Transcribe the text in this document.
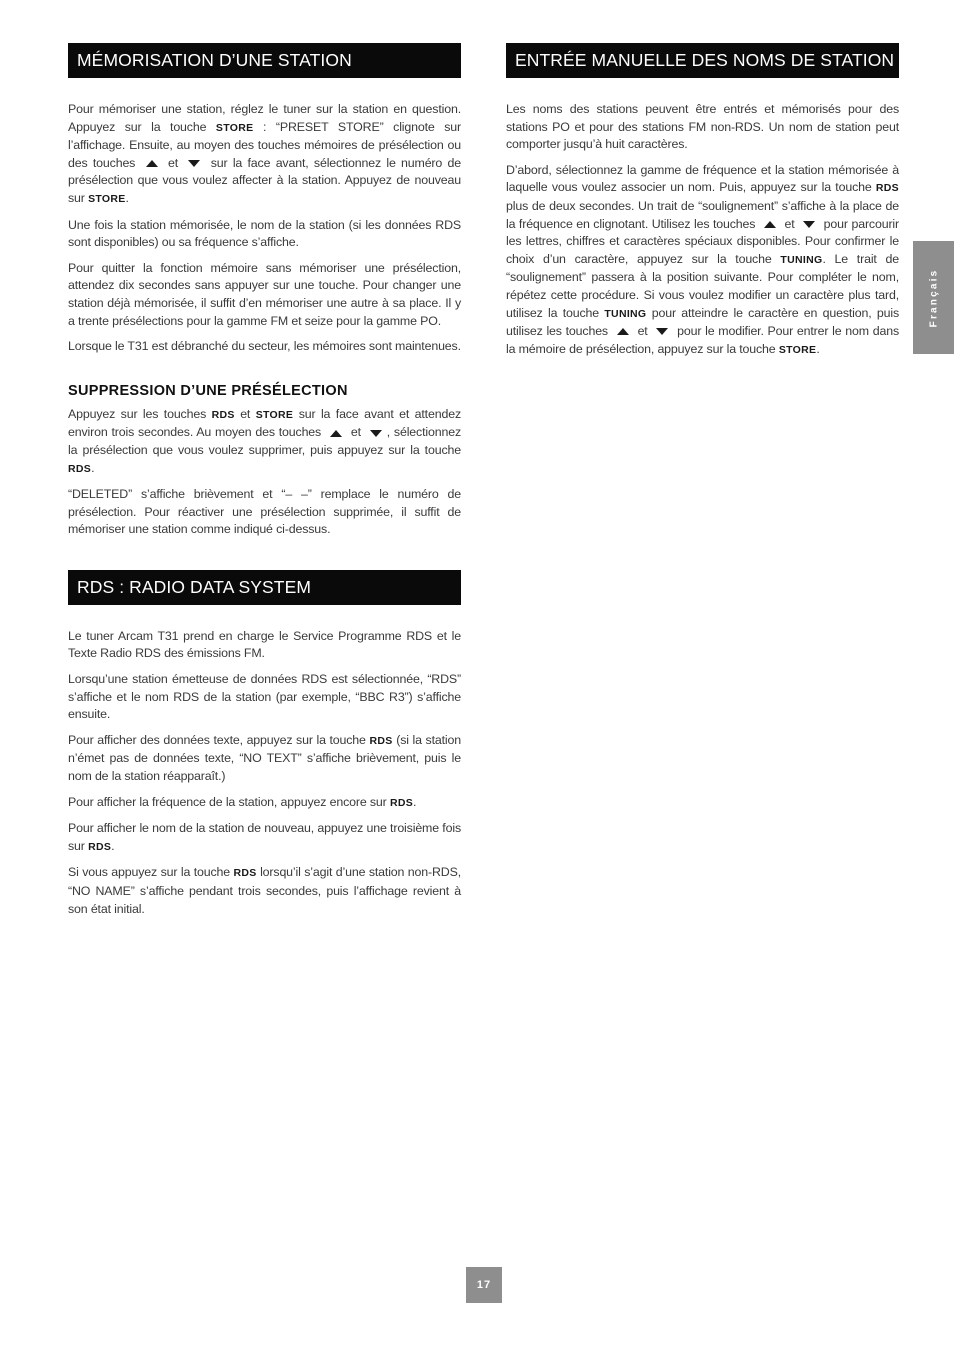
MÉMORISATION D’UNE STATION

Pour mémoriser une station, réglez le tuner sur la station en question. Appuyez sur la touche STORE : “PRESET STORE” clignote sur l’affichage. Ensuite, au moyen des touches mémoires de présélection ou des touches  et  sur la face avant, sélectionnez le numéro de présélection que vous voulez affecter à la station. Appuyez de nouveau sur STORE.

Une fois la station mémorisée, le nom de la station (si les données RDS sont disponibles) ou sa fréquence s’affiche.

Pour quitter la fonction mémoire sans mémoriser une présélection, attendez dix secondes sans appuyer sur une touche. Pour changer une station déjà mémorisée, il suffit d’en mémoriser une autre à sa place. Il y a trente présélections pour la gamme FM et seize pour la gamme PO.

Lorsque le T31 est débranché du secteur, les mémoires sont maintenues.

SUPPRESSION D’UNE PRÉSÉLECTION

Appuyez sur les touches RDS et STORE sur la face avant et attendez environ trois secondes. Au moyen des touches  et , sélectionnez la présélection que vous voulez supprimer, puis appuyez sur la touche RDS.

“DELETED” s’affiche brièvement et “– –” remplace le numéro de présélection. Pour réactiver une présélection supprimée, il suffit de mémoriser une station comme indiqué ci-dessus.

RDS : RADIO DATA SYSTEM

Le tuner Arcam T31 prend en charge le Service Programme RDS et le Texte Radio RDS des émissions FM.

Lorsqu’une station émetteuse de données RDS est sélectionnée, “RDS” s’affiche et le nom RDS de la station (par exemple, “BBC R3”) s’affiche ensuite.

Pour afficher des données texte, appuyez sur la touche RDS (si la station n’émet pas de données texte, “NO TEXT” s’affiche brièvement, puis le nom de la station réapparaît.)

Pour afficher la fréquence de la station, appuyez encore sur RDS.

Pour afficher le nom de la station de nouveau, appuyez une troisième fois sur RDS.

Si vous appuyez sur la touche RDS lorsqu’il s’agit d’une station non-RDS, “NO NAME” s’affiche pendant trois secondes, puis l’affichage revient à son état initial.

ENTRÉE MANUELLE DES NOMS DE STATION

Les noms des stations peuvent être entrés et mémorisés pour des stations PO et pour des stations FM non-RDS. Un nom de station peut comporter jusqu’à huit caractères.

D’abord, sélectionnez la gamme de fréquence et la station mémorisée à laquelle vous voulez associer un nom. Puis, appuyez sur la touche RDS plus de deux secondes. Un trait de “soulignement” s’affiche à la place de la fréquence en clignotant. Utilisez les touches  et  pour parcourir les lettres, chiffres et caractères spéciaux disponibles. Pour confirmer le choix d’un caractère, appuyez sur la touche TUNING. Le trait de “soulignement” passera à la position suivante. Pour compléter le nom, répétez cette procédure. Si vous voulez modifier un caractère plus tard, utilisez la touche TUNING pour atteindre le caractère en question, puis utilisez les touches  et  pour le modifier. Pour entrer le nom dans la mémoire de présélection, appuyez sur la touche STORE.

Français
17
